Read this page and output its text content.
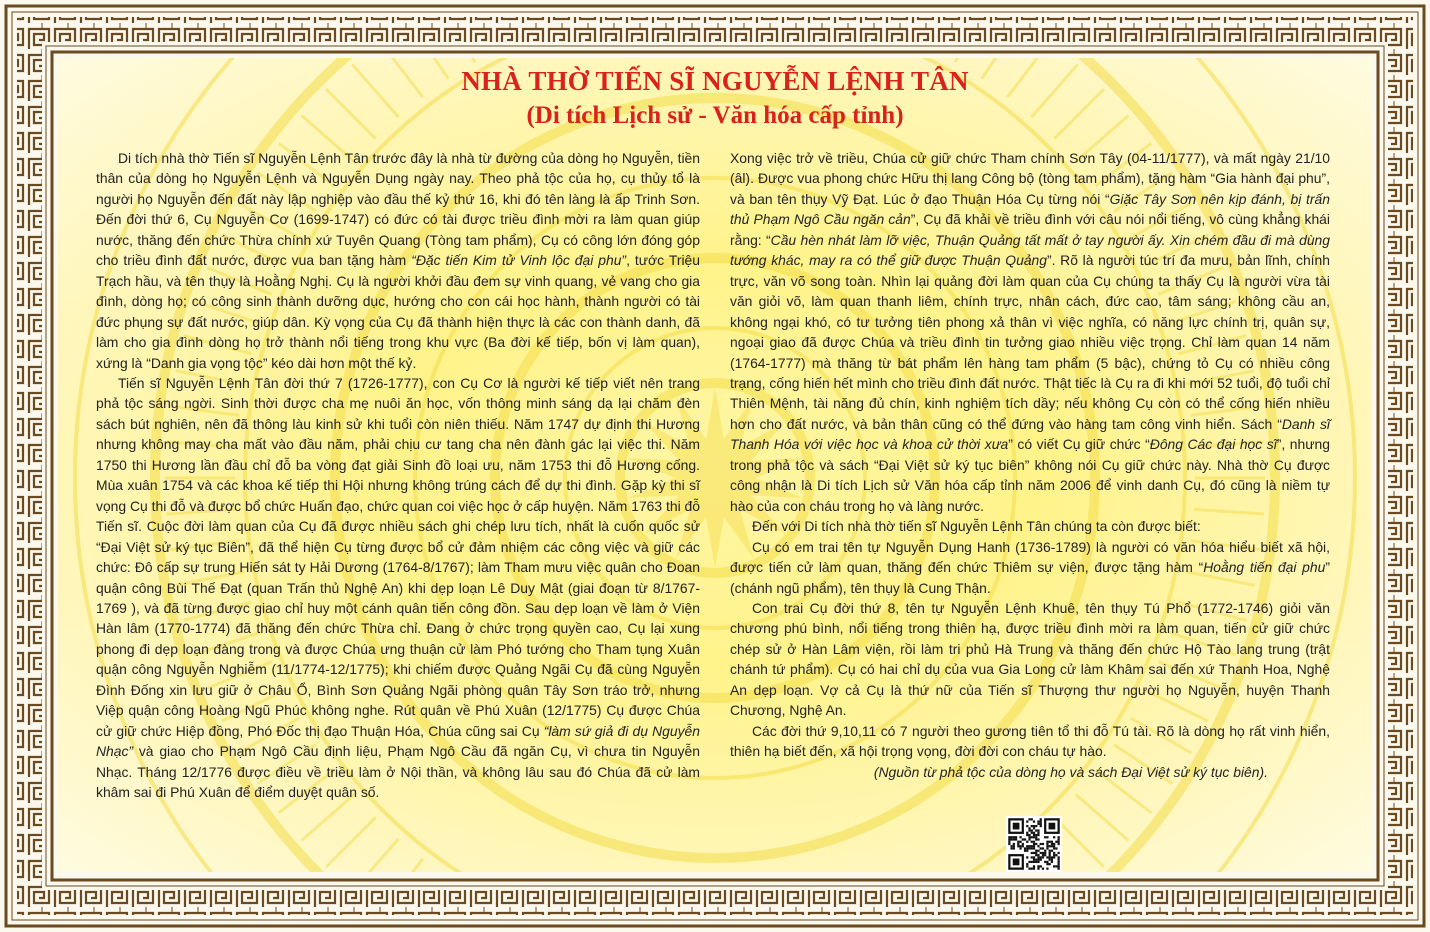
NHÀ THỜ TIẾN SĨ NGUYỄN LỆNH TÂN
(Di tích Lịch sử - Văn hóa cấp tỉnh)

Di tích nhà thờ Tiến sĩ Nguyễn Lệnh Tân trước đây là nhà từ đường của dòng họ Nguyễn, tiền thân của dòng họ Nguyễn Lệnh và Nguyễn Dụng ngày nay. Theo phả tộc của họ, cụ thủy tổ là người họ Nguyễn đến đất này lập nghiệp vào đầu thế kỷ thứ 16, khi đó tên làng là ấp Trinh Sơn. Đến đời thứ 6, Cụ Nguyễn Cơ (1699-1747) có đức có tài được triều đình mời ra làm quan giúp nước, thăng đến chức Thừa chính xứ Tuyên Quang (Tòng tam phẩm), Cụ có công lớn đóng góp cho triều đình đất nước, được vua ban tặng hàm “Đặc tiến Kim tử Vinh lộc đại phu”, tước Triệu Trạch hầu, và tên thụy là Hoằng Nghị. Cụ là người khởi đầu đem sự vinh quang, vẻ vang cho gia đình, dòng họ; có công sinh thành dưỡng dục, hướng cho con cái học hành, thành người có tài đức phụng sự đất nước, giúp dân. Kỳ vọng của Cụ đã thành hiện thực là các con thành danh, đã làm cho gia đình dòng họ trở thành nổi tiếng trong khu vực (Ba đời kế tiếp, bốn vị làm quan), xứng là “Danh gia vọng tộc” kéo dài hơn một thế kỷ.

Tiến sĩ Nguyễn Lệnh Tân đời thứ 7 (1726-1777), con Cụ Cơ là người kế tiếp viết nên trang phả tộc sáng ngời. Sinh thời được cha mẹ nuôi ăn học, vốn thông minh sáng dạ lại chăm đèn sách bút nghiên, nên đã thông làu kinh sử khi tuổi còn niên thiếu. Năm 1747 dự định thi Hương nhưng không may cha mất vào đầu năm, phải chịu cư tang cha nên đành gác lại việc thi. Năm 1750 thi Hương lần đầu chỉ đỗ ba vòng đạt giải Sinh đồ loại ưu, năm 1753 thi đỗ Hương cống. Mùa xuân 1754 và các khoa kế tiếp thi Hội nhưng không trúng cách để dự thi đình. Gặp kỳ thi sĩ vọng Cụ thi đỗ và được bổ chức Huấn đạo, chức quan coi việc học ở cấp huyện. Năm 1763 thi đỗ Tiến sĩ. Cuộc đời làm quan của Cụ đã được nhiều sách ghi chép lưu tích, nhất là cuốn quốc sử “Đại Việt sử ký tục Biên”, đã thể hiện Cụ từng được bổ cử đảm nhiệm các công việc và giữ các chức: Đô cấp sự trung Hiến sát ty Hải Dương (1764-8/1767); làm Tham mưu việc quân cho Đoan quận công Bùi Thế Đạt (quan Trấn thủ Nghệ An) khi dẹp loạn Lê Duy Mật (giai đoạn từ 8/1767-1769 ), và đã từng được giao chỉ huy một cánh quân tiến công đồn. Sau dẹp loạn về làm ở Viện Hàn lâm (1770-1774) đã thăng đến chức Thừa chỉ. Đang ở chức trọng quyền cao, Cụ lại xung phong đi dẹp loạn đàng trong và được Chúa ưng thuận cử làm Phó tướng cho Tham tụng Xuân quận công Nguyễn Nghiễm (11/1774-12/1775); khi chiếm được Quảng Ngãi Cụ đã cùng Nguyễn Đình Đống xin lưu giữ ở Châu Ổ, Bình Sơn Quảng Ngãi phòng quân Tây Sơn tráo trở, nhưng Việp quận công Hoàng Ngũ Phúc không nghe. Rút quân về Phú Xuân (12/1775) Cụ được Chúa cử giữ chức Hiệp đồng, Phó Đốc thị đạo Thuận Hóa, Chúa cũng sai Cụ “làm sứ giả đi dụ Nguyễn Nhạc” và giao cho Phạm Ngô Cầu định liệu, Phạm Ngô Cầu đã ngăn Cụ, vì chưa tin Nguyễn Nhạc. Tháng 12/1776 được điều về triều làm ở Nội thần, và không lâu sau đó Chúa đã cử làm khâm sai đi Phú Xuân để điểm duyệt quân số.

Xong việc trở về triều, Chúa cử giữ chức Tham chính Sơn Tây (04-11/1777), và mất ngày 21/10 (âl). Được vua phong chức Hữu thị lang Công bộ (tòng tam phẩm), tặng hàm “Gia hành đại phu”, và ban tên thụy Vỹ Đạt. Lúc ở đạo Thuận Hóa Cụ từng nói “Giặc Tây Sơn nên kịp đánh, bị trấn thủ Phạm Ngô Cầu ngăn cản”, Cụ đã khải về triều đình với câu nói nổi tiếng, vô cùng khẳng khái rằng: “Cầu hèn nhát làm lỡ việc, Thuận Quảng tất mất ở tay người ấy. Xin chém đầu đi mà dùng tướng khác, may ra có thể giữ được Thuận Quảng”. Rõ là người túc trí đa mưu, bản lĩnh, chính trực, văn võ song toàn. Nhìn lại quảng đời làm quan của Cụ chúng ta thấy Cụ là người vừa tài văn giỏi võ, làm quan thanh liêm, chính trực, nhân cách, đức cao, tâm sáng; không cầu an, không ngại khó, có tư tưởng tiên phong xả thân vì việc nghĩa, có năng lực chính trị, quân sự, ngoại giao đã được Chúa và triều đình tin tưởng giao nhiều việc trọng. Chỉ làm quan 14 năm (1764-1777) mà thăng từ bát phẩm lên hàng tam phẩm (5 bậc), chứng tỏ Cụ có nhiều công trạng, cống hiến hết mình cho triều đình đất nước. Thật tiếc là Cụ ra đi khi mới 52 tuổi, độ tuổi chỉ Thiên Mệnh, tài năng đủ chín, kinh nghiệm tích dầy; nếu không Cụ còn có thể cống hiến nhiều hơn cho đất nước, và bản thân cũng có thể đứng vào hàng tam công vinh hiển. Sách “Danh sĩ Thanh Hóa với việc học và khoa cử thời xưa” có viết Cụ giữ chức “Đông Các đại học sĩ”, nhưng trong phả tộc và sách “Đại Việt sử ký tục biên” không nói Cụ giữ chức này. Nhà thờ Cụ được công nhận là Di tích Lịch sử Văn hóa cấp tỉnh năm 2006 để vinh danh Cụ, đó cũng là niềm tự hào của con cháu trong họ và làng nước.

Đến với Di tích nhà thờ tiến sĩ Nguyễn Lệnh Tân chúng ta còn được biết:

Cụ có em trai tên tự Nguyễn Dụng Hanh (1736-1789) là người có văn hóa hiểu biết xã hội, được tiến cử làm quan, thăng đến chức Thiêm sự viện, được tặng hàm “Hoằng tiến đại phu” (chánh ngũ phẩm), tên thụy là Cung Thận.

Con trai Cụ đời thứ 8, tên tự Nguyễn Lệnh Khuê, tên thụy Tú Phổ (1772-1746) giỏi văn chương phú bình, nổi tiếng trong thiên hạ, được triều đình mời ra làm quan, tiến cử giữ chức chép sử ở Hàn Lâm viện, rồi làm tri phủ Hà Trung và thăng đến chức Hộ Tào lang trung (trật chánh tứ phẩm). Cụ có hai chỉ dụ của vua Gia Long cử làm Khâm sai đến xứ Thanh Hoa, Nghệ An dẹp loạn. Vợ cả Cụ là thứ nữ của Tiến sĩ Thượng thư người họ Nguyễn, huyện Thanh Chương, Nghệ An.

Các đời thứ 9,10,11 có 7 người theo gương tiên tổ thi đỗ Tú tài. Rõ là dòng họ rất vinh hiển, thiên hạ biết đến, xã hội trọng vọng, đời đời con cháu tự hào.

(Nguồn từ phả tộc của dòng họ và sách Đại Việt sử ký tục biên).
